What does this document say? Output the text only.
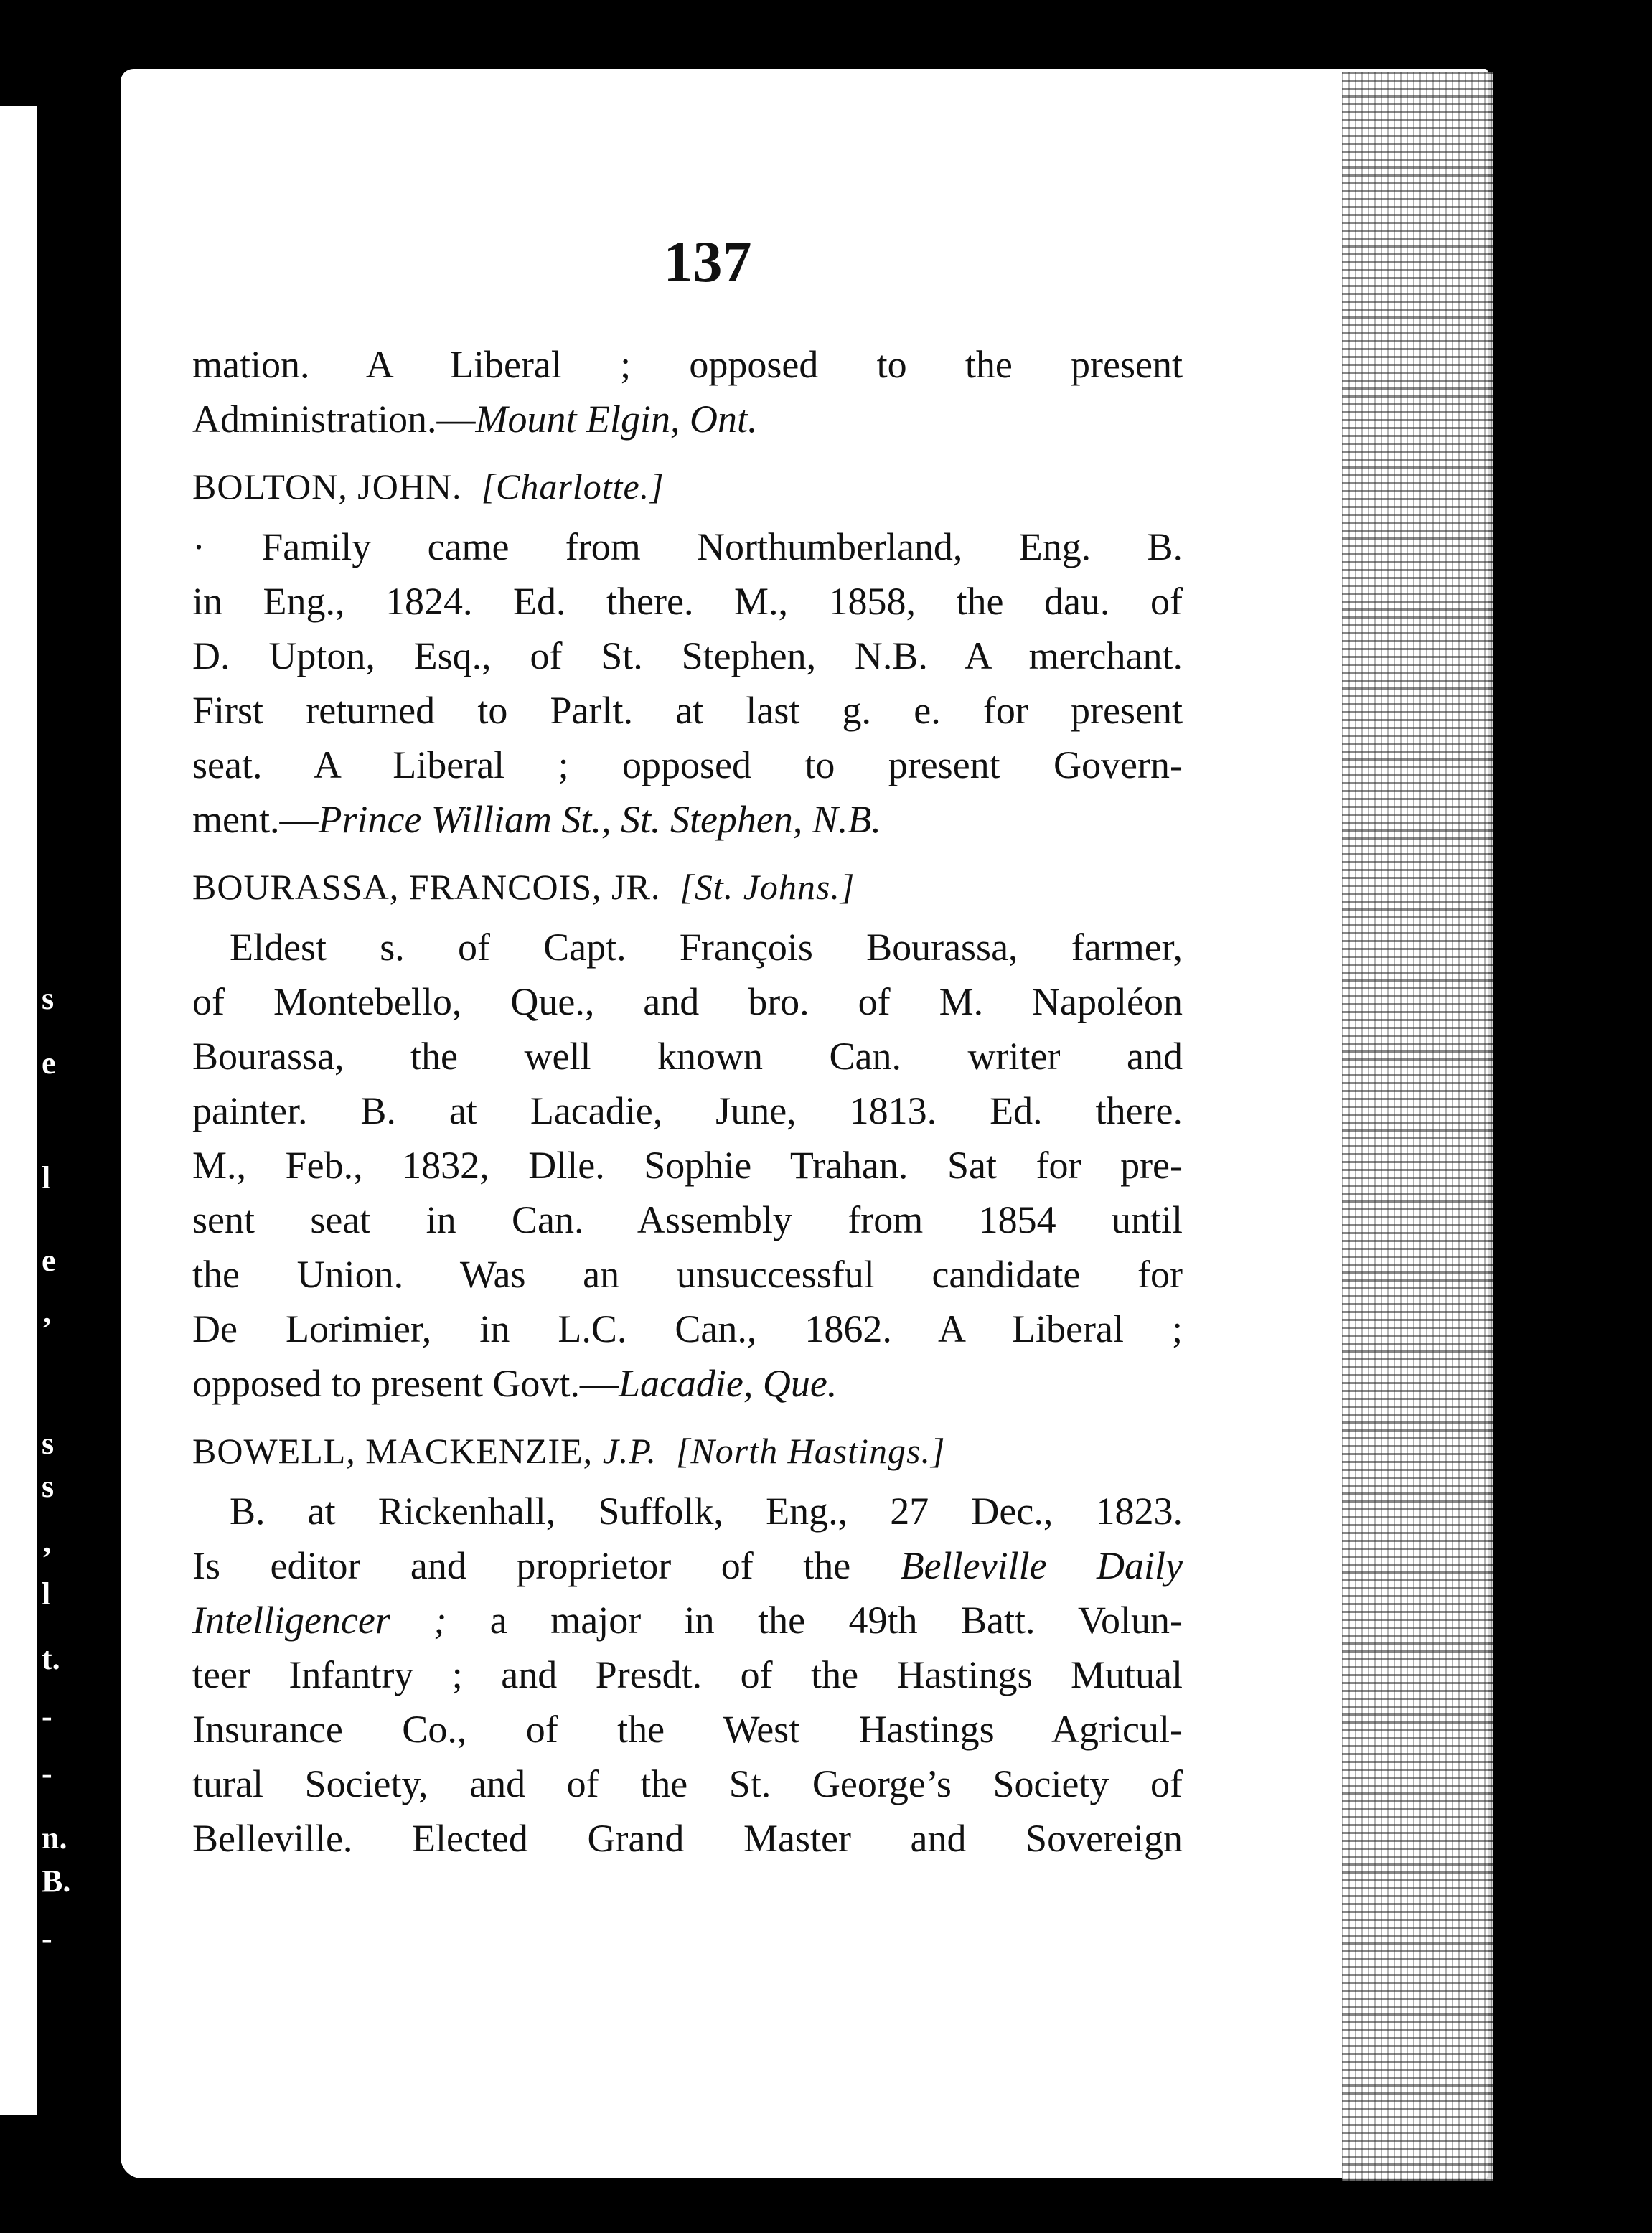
s
e
l
e
’
s
s
’
l
t.
-
-
n.
B.
-
137
mation. A Liberal ; opposed to the present
Administration.—Mount Elgin, Ont.
BOLTON, JOHN. [Charlotte.]
· Family came from Northumberland, Eng. B.
in Eng., 1824. Ed. there. M., 1858, the dau. of
D. Upton, Esq., of St. Stephen, N.B. A merchant.
First returned to Parlt. at last g. e. for present
seat. A Liberal ; opposed to present Govern-
ment.—Prince William St., St. Stephen, N.B.
BOURASSA, FRANCOIS, JR. [St. Johns.]
Eldest s. of Capt. François Bourassa, farmer,
of Montebello, Que., and bro. of M. Napoléon
Bourassa, the well known Can. writer and
painter. B. at Lacadie, June, 1813. Ed. there.
M., Feb., 1832, Dlle. Sophie Trahan. Sat for pre-
sent seat in Can. Assembly from 1854 until
the Union. Was an unsuccessful candidate for
De Lorimier, in L.C. Can., 1862. A Liberal ;
opposed to present Govt.—Lacadie, Que.
BOWELL, MACKENZIE, J.P. [North Hastings.]
B. at Rickenhall, Suffolk, Eng., 27 Dec., 1823.
Is editor and proprietor of the Belleville Daily
Intelligencer ; a major in the 49th Batt. Volun-
teer Infantry ; and Presdt. of the Hastings Mutual
Insurance Co., of the West Hastings Agricul-
tural Society, and of the St. George’s Society of
Belleville. Elected Grand Master and Sovereign
